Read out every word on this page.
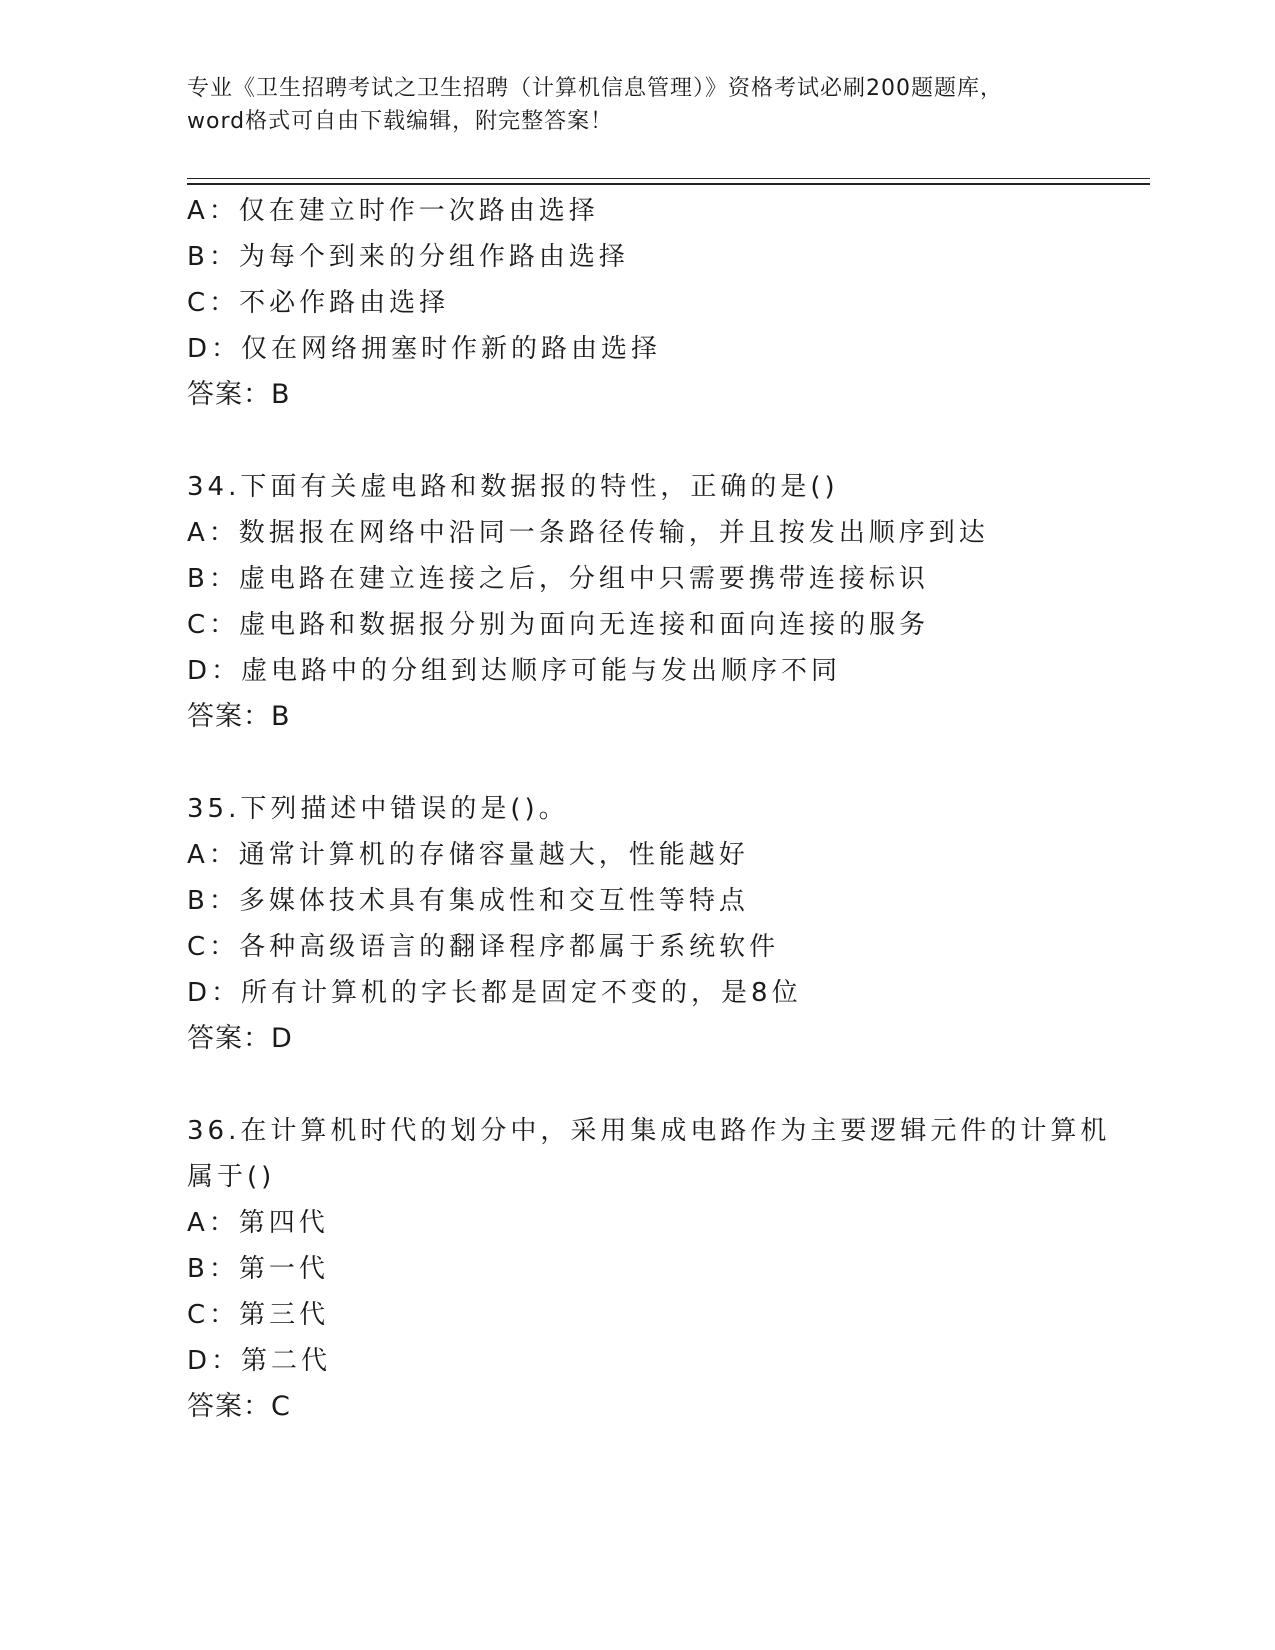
专业《卫生招聘考试之卫生招聘（计算机信息管理）》资格考试必刷200题题库，
word格式可自由下载编辑，附完整答案！
A：仅在建立时作一次路由选择
B：为每个到来的分组作路由选择
C：不必作路由选择
D：仅在网络拥塞时作新的路由选择
答案：B
34.下面有关虚电路和数据报的特性，正确的是()
A：数据报在网络中沿同一条路径传输，并且按发出顺序到达
B：虚电路在建立连接之后，分组中只需要携带连接标识
C：虚电路和数据报分别为面向无连接和面向连接的服务
D：虚电路中的分组到达顺序可能与发出顺序不同
答案：B
35.下列描述中错误的是()。
A：通常计算机的存储容量越大，性能越好
B：多媒体技术具有集成性和交互性等特点
C：各种高级语言的翻译程序都属于系统软件
D：所有计算机的字长都是固定不变的，是8位
答案：D
36.在计算机时代的划分中，采用集成电路作为主要逻辑元件的计算机
属于()
A：第四代
B：第一代
C：第三代
D：第二代
答案：C
